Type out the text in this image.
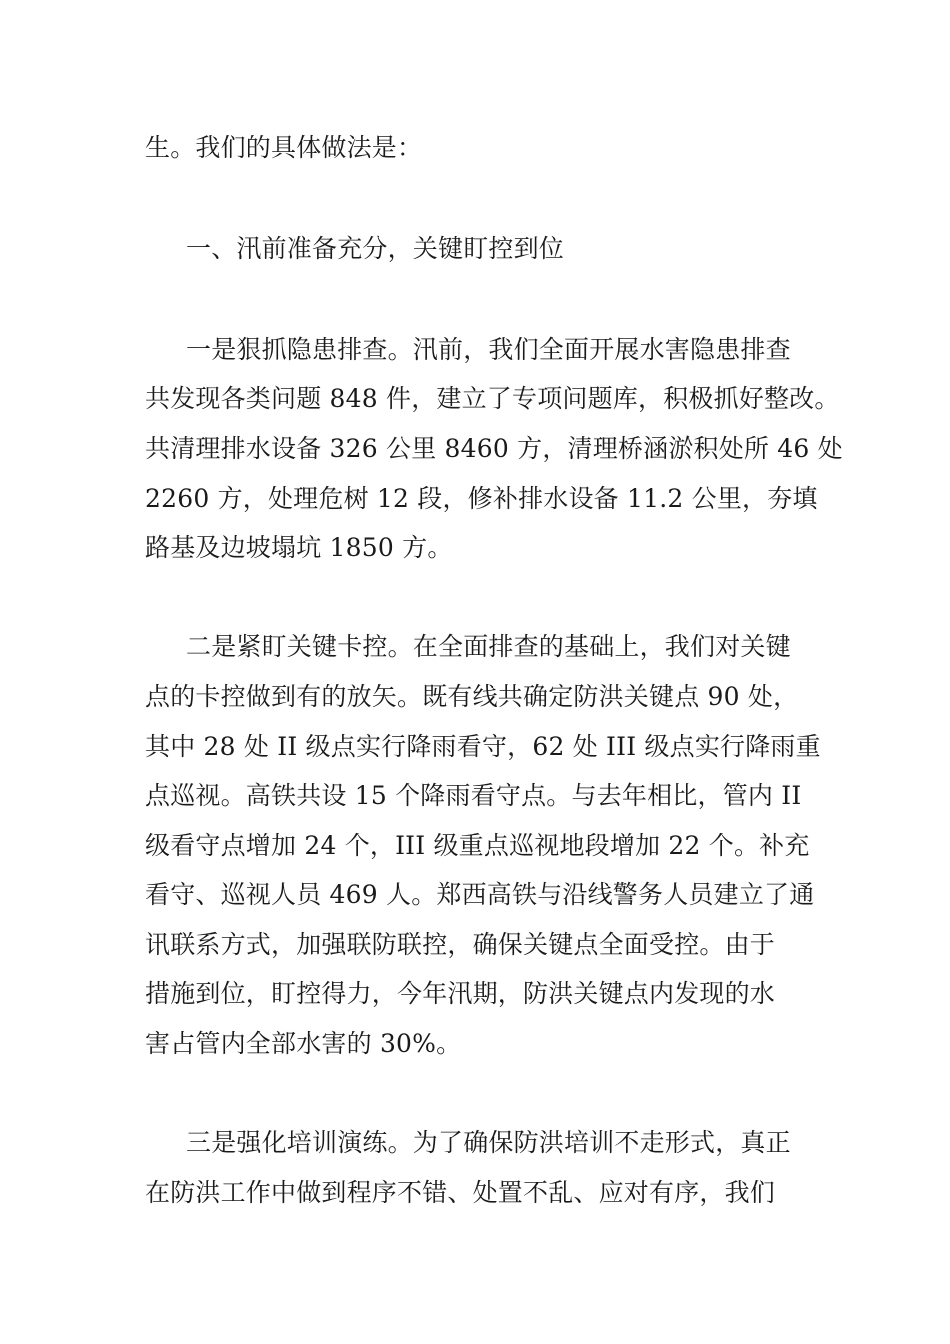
生。我们的具体做法是：
一、汛前准备充分，关键盯控到位
一是狠抓隐患排查。汛前，我们全面开展水害隐患排查
共发现各类问题 848 件，建立了专项问题库，积极抓好整改。
共清理排水设备 326 公里 8460 方，清理桥涵淤积处所 46 处
2260 方，处理危树 12 段，修补排水设备 11.2 公里，夯填
路基及边坡塌坑 1850 方。
二是紧盯关键卡控。在全面排查的基础上，我们对关键
点的卡控做到有的放矢。既有线共确定防洪关键点 90 处，
其中 28 处 II 级点实行降雨看守，62 处 III 级点实行降雨重
点巡视。高铁共设 15 个降雨看守点。与去年相比，管内 II
级看守点增加 24 个，III 级重点巡视地段增加 22 个。补充
看守、巡视人员 469 人。郑西高铁与沿线警务人员建立了通
讯联系方式，加强联防联控，确保关键点全面受控。由于
措施到位，盯控得力，今年汛期，防洪关键点内发现的水
害占管内全部水害的 30%。
三是强化培训演练。为了确保防洪培训不走形式，真正
在防洪工作中做到程序不错、处置不乱、应对有序，我们
